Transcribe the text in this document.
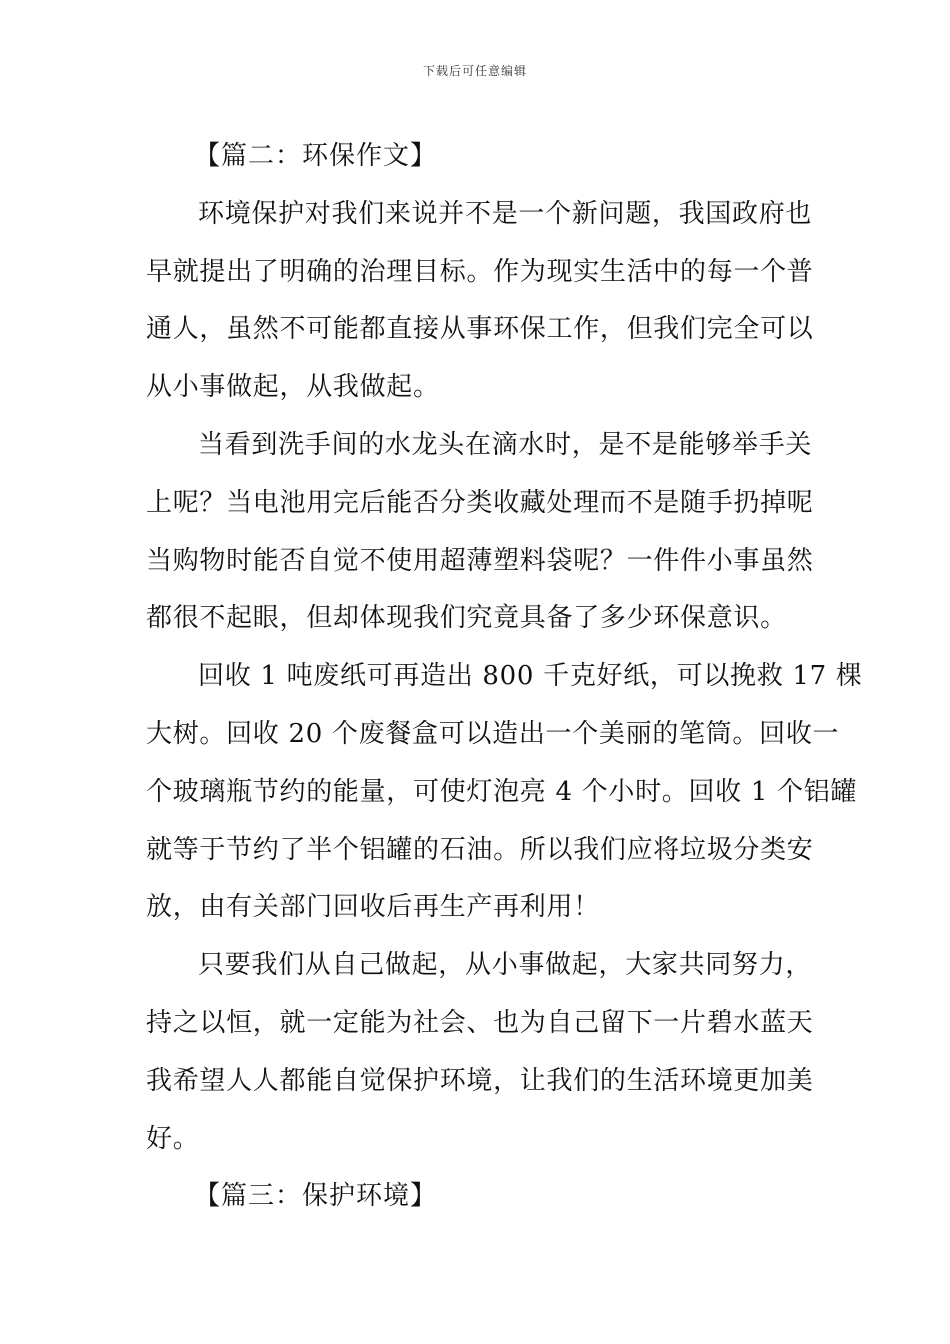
下载后可任意编辑
【篇二：环保作文】

环境保护对我们来说并不是一个新问题，我国政府也
早就提出了明确的治理目标。作为现实生活中的每一个普
通人，虽然不可能都直接从事环保工作，但我们完全可以
从小事做起，从我做起。

当看到洗手间的水龙头在滴水时，是不是能够举手关
上呢？当电池用完后能否分类收藏处理而不是随手扔掉呢
当购物时能否自觉不使用超薄塑料袋呢？一件件小事虽然
都很不起眼，但却体现我们究竟具备了多少环保意识。

回收 1 吨废纸可再造出 800 千克好纸，可以挽救 17 棵
大树。回收 20 个废餐盒可以造出一个美丽的笔筒。回收一
个玻璃瓶节约的能量，可使灯泡亮 4 个小时。回收 1 个铝罐
就等于节约了半个铝罐的石油。所以我们应将垃圾分类安
放，由有关部门回收后再生产再利用！

只要我们从自己做起，从小事做起，大家共同努力，
持之以恒，就一定能为社会、也为自己留下一片碧水蓝天
我希望人人都能自觉保护环境，让我们的生活环境更加美
好。

【篇三：保护环境】
